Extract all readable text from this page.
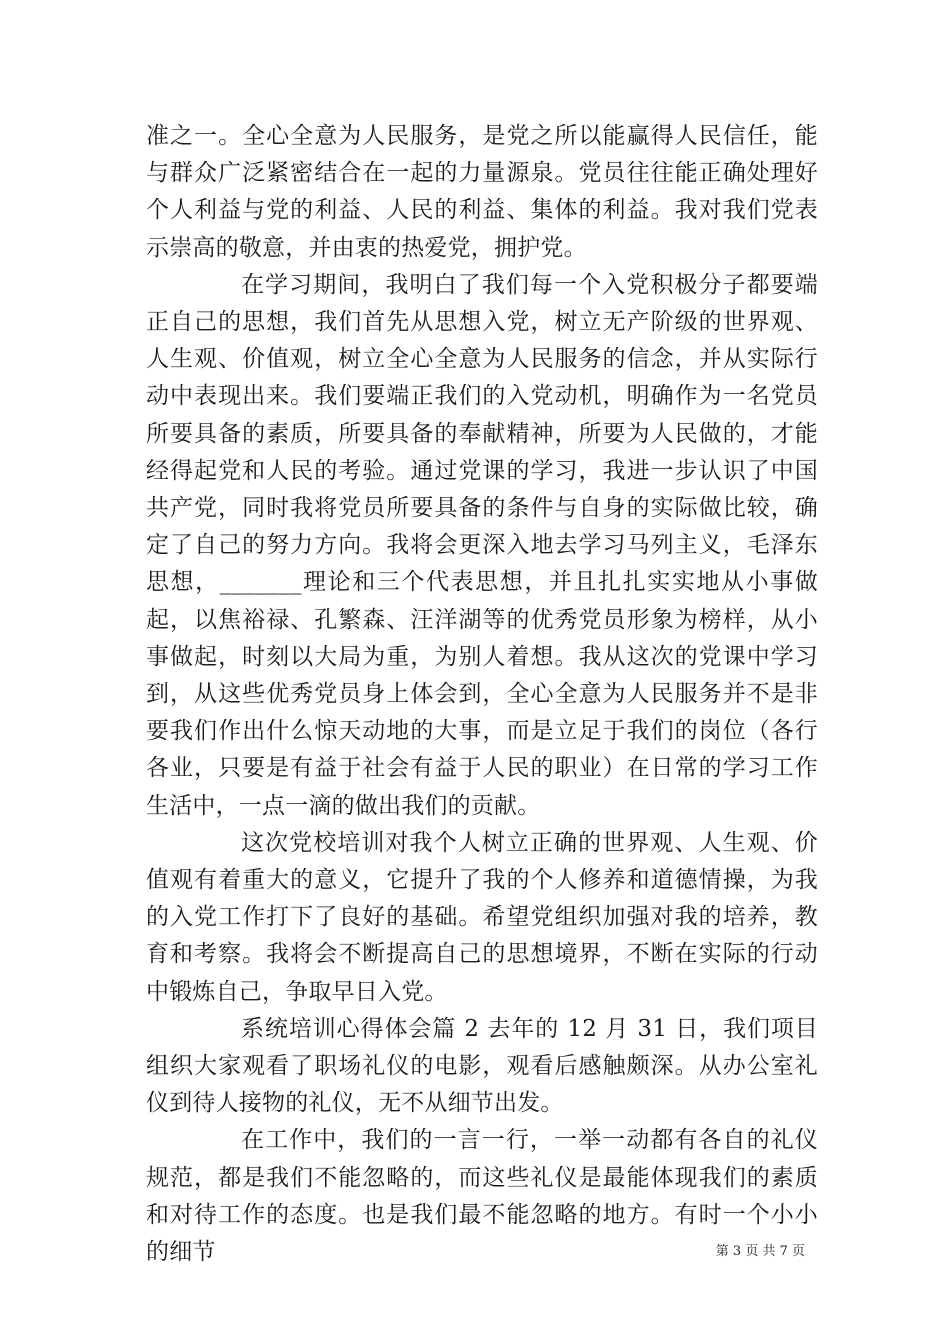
准之一。全心全意为人民服务，是党之所以能赢得人民信任，能与群众广泛紧密结合在一起的力量源泉。党员往往能正确处理好个人利益与党的利益、人民的利益、集体的利益。我对我们党表示崇高的敬意，并由衷的热爱党，拥护党。

在学习期间，我明白了我们每一个入党积极分子都要端正自己的思想，我们首先从思想入党，树立无产阶级的世界观、人生观、价值观，树立全心全意为人民服务的信念，并从实际行动中表现出来。我们要端正我们的入党动机，明确作为一名党员所要具备的素质，所要具备的奉献精神，所要为人民做的，才能经得起党和人民的考验。通过党课的学习，我进一步认识了中国共产党，同时我将党员所要具备的条件与自身的实际做比较，确定了自己的努力方向。我将会更深入地去学习马列主义，毛泽东思想，_______理论和三个代表思想，并且扎扎实实地从小事做起，以焦裕禄、孔繁森、汪洋湖等的优秀党员形象为榜样，从小事做起，时刻以大局为重，为别人着想。我从这次的党课中学习到，从这些优秀党员身上体会到，全心全意为人民服务并不是非要我们作出什么惊天动地的大事，而是立足于我们的岗位（各行各业，只要是有益于社会有益于人民的职业）在日常的学习工作生活中，一点一滴的做出我们的贡献。

这次党校培训对我个人树立正确的世界观、人生观、价值观有着重大的意义，它提升了我的个人修养和道德情操，为我的入党工作打下了良好的基础。希望党组织加强对我的培养，教育和考察。我将会不断提高自己的思想境界，不断在实际的行动中锻炼自己，争取早日入党。

系统培训心得体会篇 2 去年的 12 月 31 日，我们项目组织大家观看了职场礼仪的电影，观看后感触颇深。从办公室礼仪到待人接物的礼仪，无不从细节出发。

在工作中，我们的一言一行，一举一动都有各自的礼仪规范，都是我们不能忽略的，而这些礼仪是最能体现我们的素质和对待工作的态度。也是我们最不能忽略的地方。有时一个小小的细节	第 3 页 共 7 页
